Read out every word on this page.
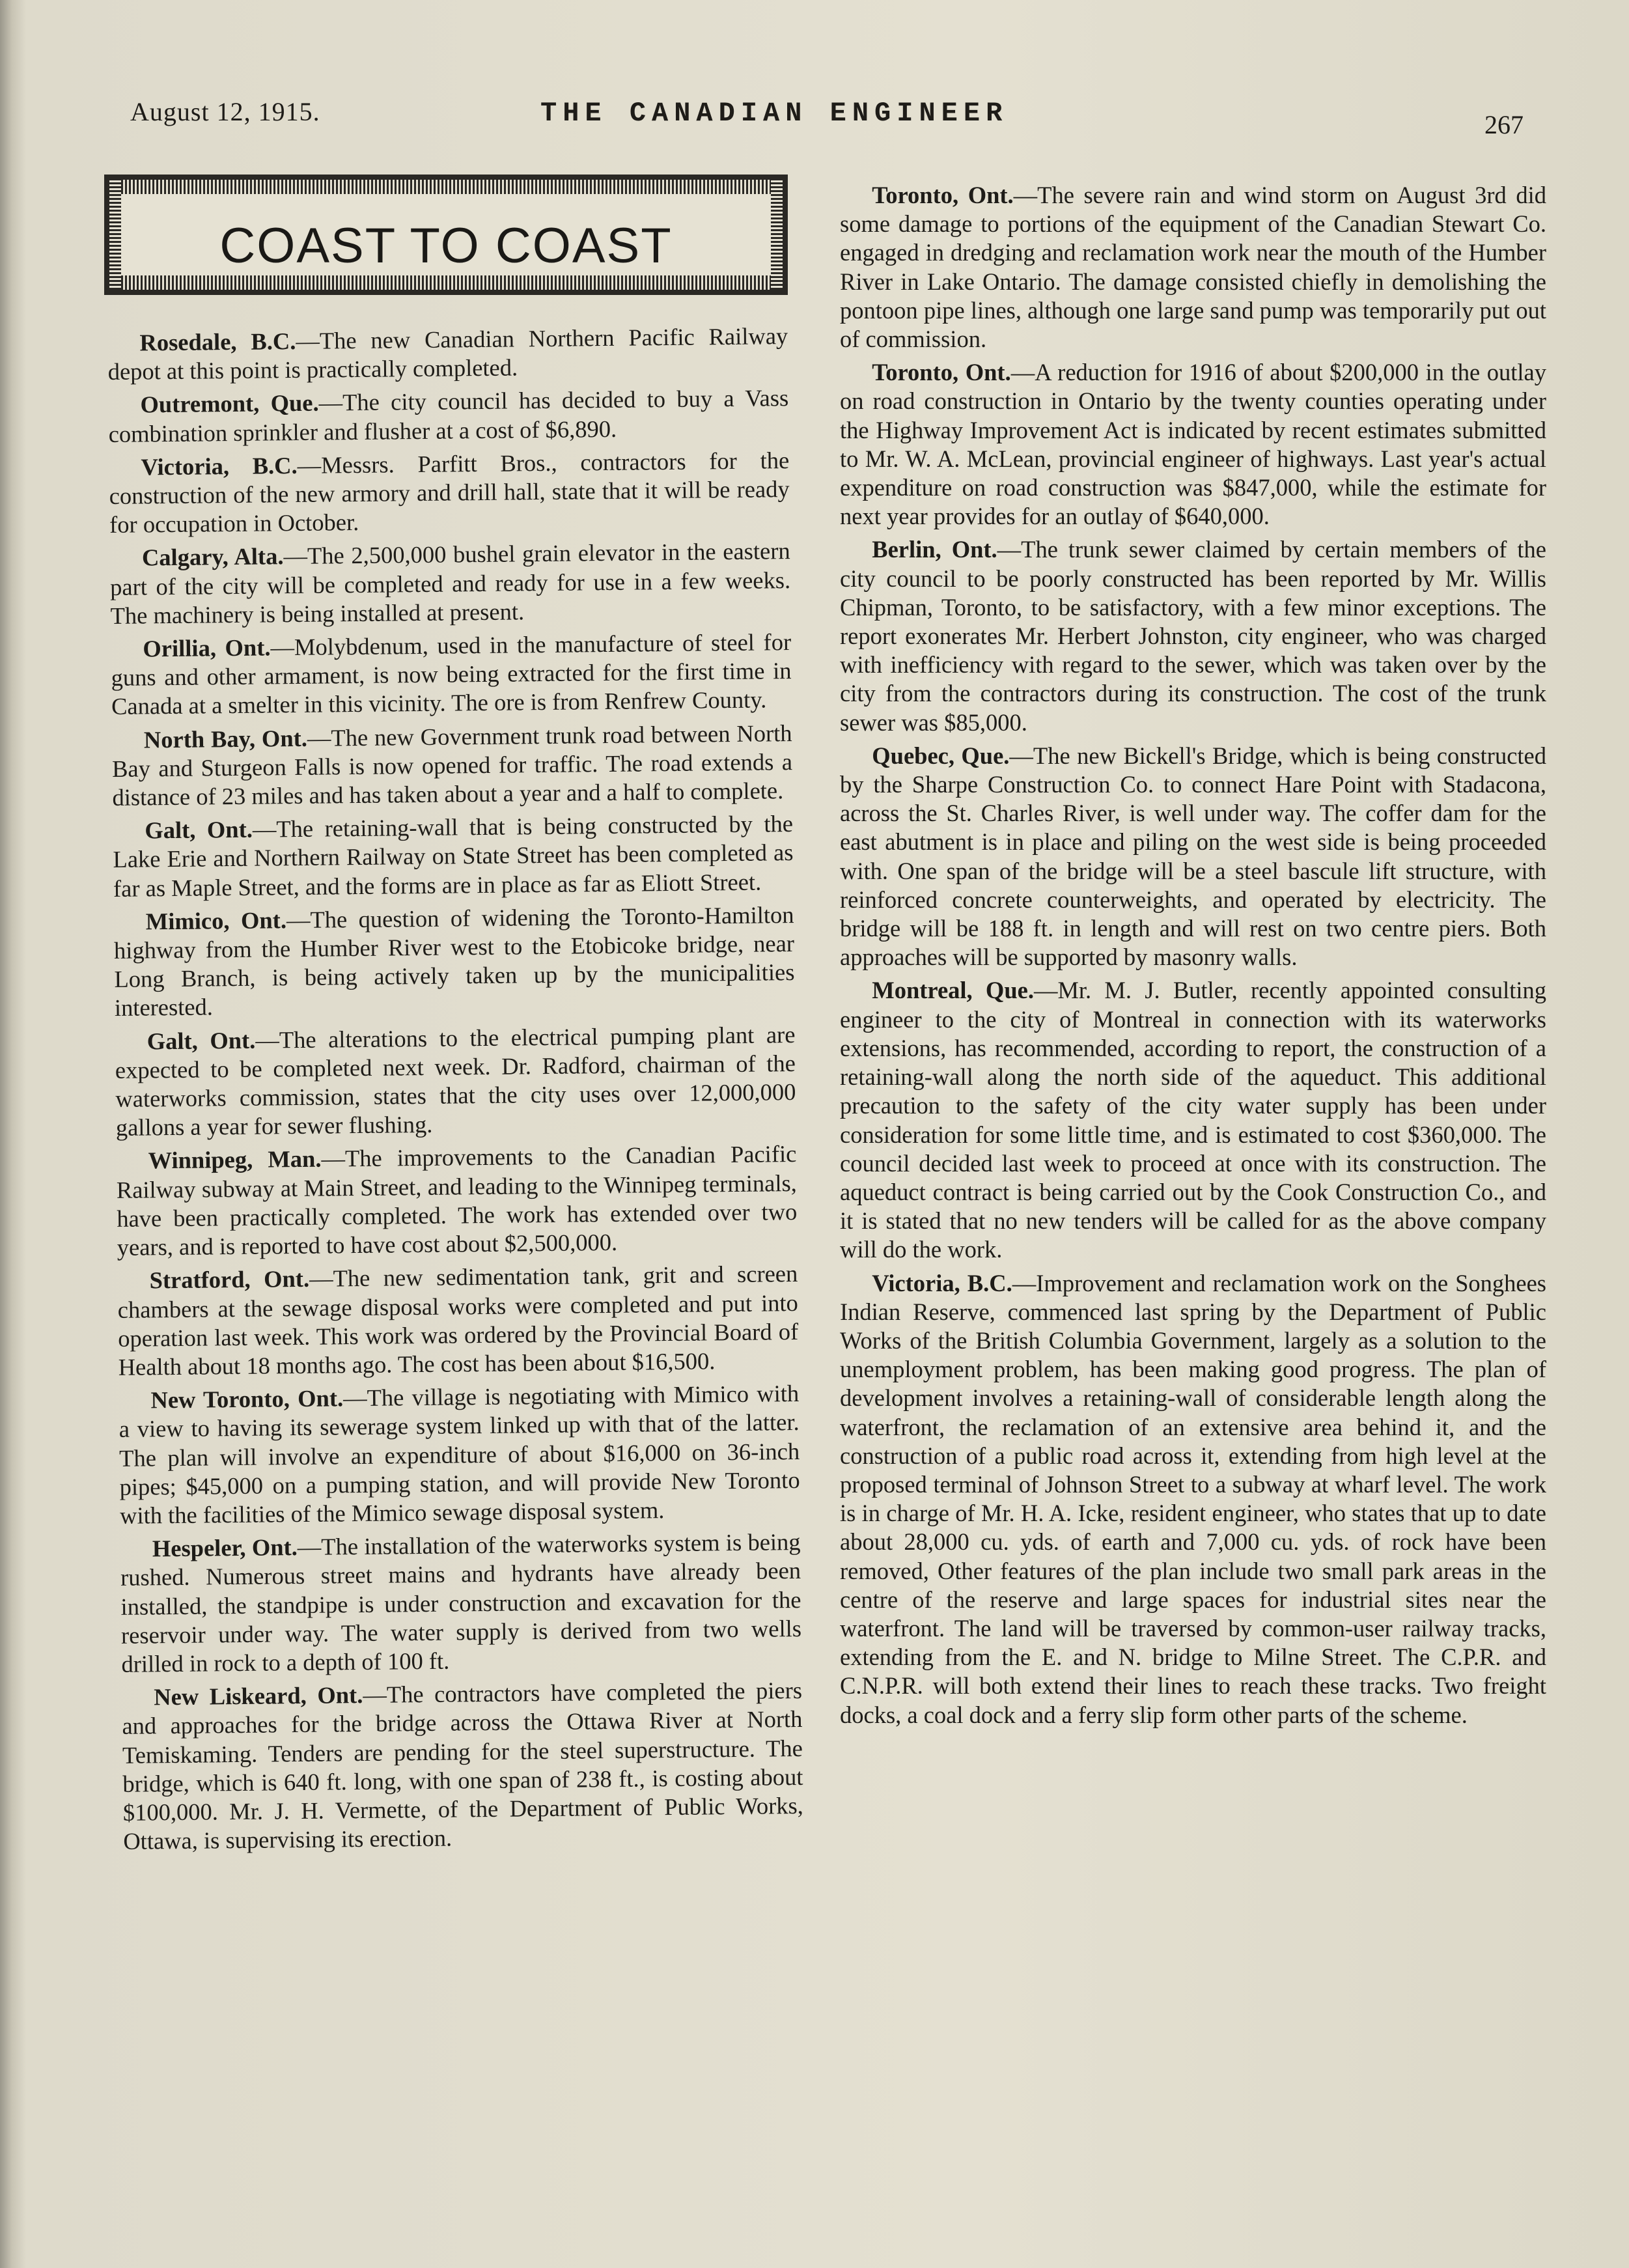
August 12, 1915.	THE CANADIAN ENGINEER	267
COAST TO COAST

Rosedale, B.C.—The new Canadian Northern Pacific Railway depot at this point is practically completed.

Outremont, Que.—The city council has decided to buy a Vass combination sprinkler and flusher at a cost of $6,890.

Victoria, B.C.—Messrs. Parfitt Bros., contractors for the construction of the new armory and drill hall, state that it will be ready for occupation in October.

Calgary, Alta.—The 2,500,000 bushel grain elevator in the eastern part of the city will be completed and ready for use in a few weeks. The machinery is being installed at present.

Orillia, Ont.—Molybdenum, used in the manufacture of steel for guns and other armament, is now being extracted for the first time in Canada at a smelter in this vicinity. The ore is from Renfrew County.

North Bay, Ont.—The new Government trunk road between North Bay and Sturgeon Falls is now opened for traffic. The road extends a distance of 23 miles and has taken about a year and a half to complete.

Galt, Ont.—The retaining-wall that is being constructed by the Lake Erie and Northern Railway on State Street has been completed as far as Maple Street, and the forms are in place as far as Eliott Street.

Mimico, Ont.—The question of widening the Toronto-Hamilton highway from the Humber River west to the Etobicoke bridge, near Long Branch, is being actively taken up by the municipalities interested.

Galt, Ont.—The alterations to the electrical pumping plant are expected to be completed next week. Dr. Radford, chairman of the waterworks commission, states that the city uses over 12,000,000 gallons a year for sewer flushing.

Winnipeg, Man.—The improvements to the Canadian Pacific Railway subway at Main Street, and leading to the Winnipeg terminals, have been practically completed. The work has extended over two years, and is reported to have cost about $2,500,000.

Stratford, Ont.—The new sedimentation tank, grit and screen chambers at the sewage disposal works were completed and put into operation last week. This work was ordered by the Provincial Board of Health about 18 months ago. The cost has been about $16,500.

New Toronto, Ont.—The village is negotiating with Mimico with a view to having its sewerage system linked up with that of the latter. The plan will involve an expenditure of about $16,000 on 36-inch pipes; $45,000 on a pumping station, and will provide New Toronto with the facilities of the Mimico sewage disposal system.

Hespeler, Ont.—The installation of the waterworks system is being rushed. Numerous street mains and hydrants have already been installed, the standpipe is under construction and excavation for the reservoir under way. The water supply is derived from two wells drilled in rock to a depth of 100 ft.

New Liskeard, Ont.—The contractors have completed the piers and approaches for the bridge across the Ottawa River at North Temiskaming. Tenders are pending for the steel superstructure. The bridge, which is 640 ft. long, with one span of 238 ft., is costing about $100,000. Mr. J. H. Vermette, of the Department of Public Works, Ottawa, is supervising its erection.

Toronto, Ont.—The severe rain and wind storm on August 3rd did some damage to portions of the equipment of the Canadian Stewart Co. engaged in dredging and reclamation work near the mouth of the Humber River in Lake Ontario. The damage consisted chiefly in demolishing the pontoon pipe lines, although one large sand pump was temporarily put out of commission.

Toronto, Ont.—A reduction for 1916 of about $200,000 in the outlay on road construction in Ontario by the twenty counties operating under the Highway Improvement Act is indicated by recent estimates submitted to Mr. W. A. McLean, provincial engineer of highways. Last year's actual expenditure on road construction was $847,000, while the estimate for next year provides for an outlay of $640,000.

Berlin, Ont.—The trunk sewer claimed by certain members of the city council to be poorly constructed has been reported by Mr. Willis Chipman, Toronto, to be satisfactory, with a few minor exceptions. The report exonerates Mr. Herbert Johnston, city engineer, who was charged with inefficiency with regard to the sewer, which was taken over by the city from the contractors during its construction. The cost of the trunk sewer was $85,000.

Quebec, Que.—The new Bickell's Bridge, which is being constructed by the Sharpe Construction Co. to connect Hare Point with Stadacona, across the St. Charles River, is well under way. The coffer dam for the east abutment is in place and piling on the west side is being proceeded with. One span of the bridge will be a steel bascule lift structure, with reinforced concrete counterweights, and operated by electricity. The bridge will be 188 ft. in length and will rest on two centre piers. Both approaches will be supported by masonry walls.

Montreal, Que.—Mr. M. J. Butler, recently appointed consulting engineer to the city of Montreal in connection with its waterworks extensions, has recommended, according to report, the construction of a retaining-wall along the north side of the aqueduct. This additional precaution to the safety of the city water supply has been under consideration for some little time, and is estimated to cost $360,000. The council decided last week to proceed at once with its construction. The aqueduct contract is being carried out by the Cook Construction Co., and it is stated that no new tenders will be called for as the above company will do the work.

Victoria, B.C.—Improvement and reclamation work on the Songhees Indian Reserve, commenced last spring by the Department of Public Works of the British Columbia Government, largely as a solution to the unemployment problem, has been making good progress. The plan of development involves a retaining-wall of considerable length along the waterfront, the reclamation of an extensive area behind it, and the construction of a public road across it, extending from high level at the proposed terminal of Johnson Street to a subway at wharf level. The work is in charge of Mr. H. A. Icke, resident engineer, who states that up to date about 28,000 cu. yds. of earth and 7,000 cu. yds. of rock have been removed, Other features of the plan include two small park areas in the centre of the reserve and large spaces for industrial sites near the waterfront. The land will be traversed by common-user railway tracks, extending from the E. and N. bridge to Milne Street. The C.P.R. and C.N.P.R. will both extend their lines to reach these tracks. Two freight docks, a coal dock and a ferry slip form other parts of the scheme.
